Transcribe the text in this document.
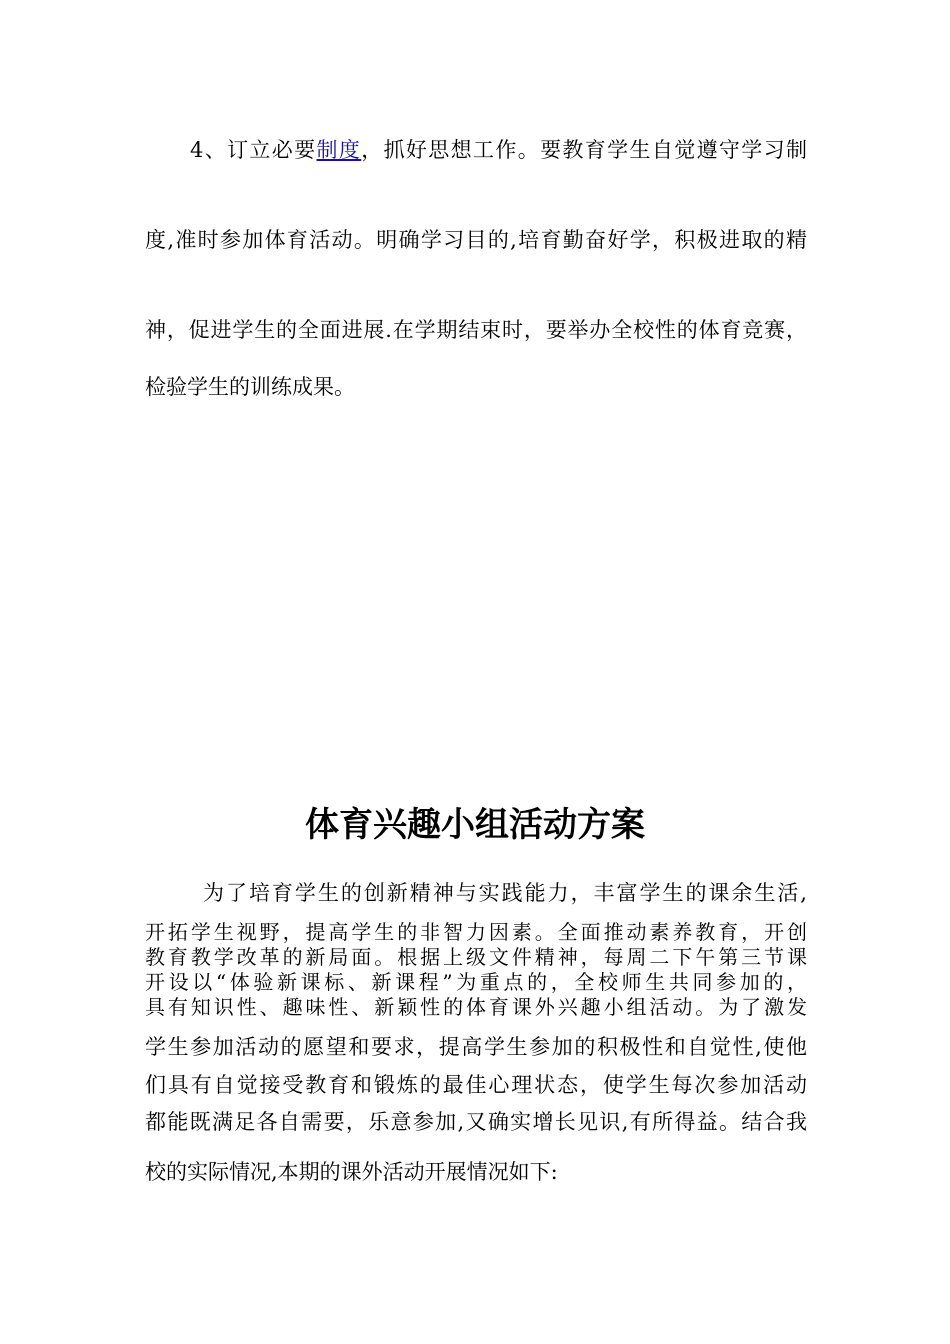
4、订立必要制度，抓好思想工作。要教育学生自觉遵守学习制
度,准时参加体育活动。明确学习目的,培育勤奋好学，积极进取的精
神，促进学生的全面进展.在学期结束时，要举办全校性的体育竞赛，
检验学生的训练成果。
体育兴趣小组活动方案
为了培育学生的创新精神与实践能力，丰富学生的课余生活,
开拓学生视野，提高学生的非智力因素。全面推动素养教育，开创
教育教学改革的新局面。根据上级文件精神，每周二下午第三节课
开设以“体验新课标、新课程”为重点的，全校师生共同参加的，
具有知识性、趣味性、新颖性的体育课外兴趣小组活动。为了激发
学生参加活动的愿望和要求，提高学生参加的积极性和自觉性,使他
们具有自觉接受教育和锻炼的最佳心理状态，使学生每次参加活动
都能既满足各自需要，乐意参加,又确实增长见识,有所得益。结合我
校的实际情况,本期的课外活动开展情况如下:
